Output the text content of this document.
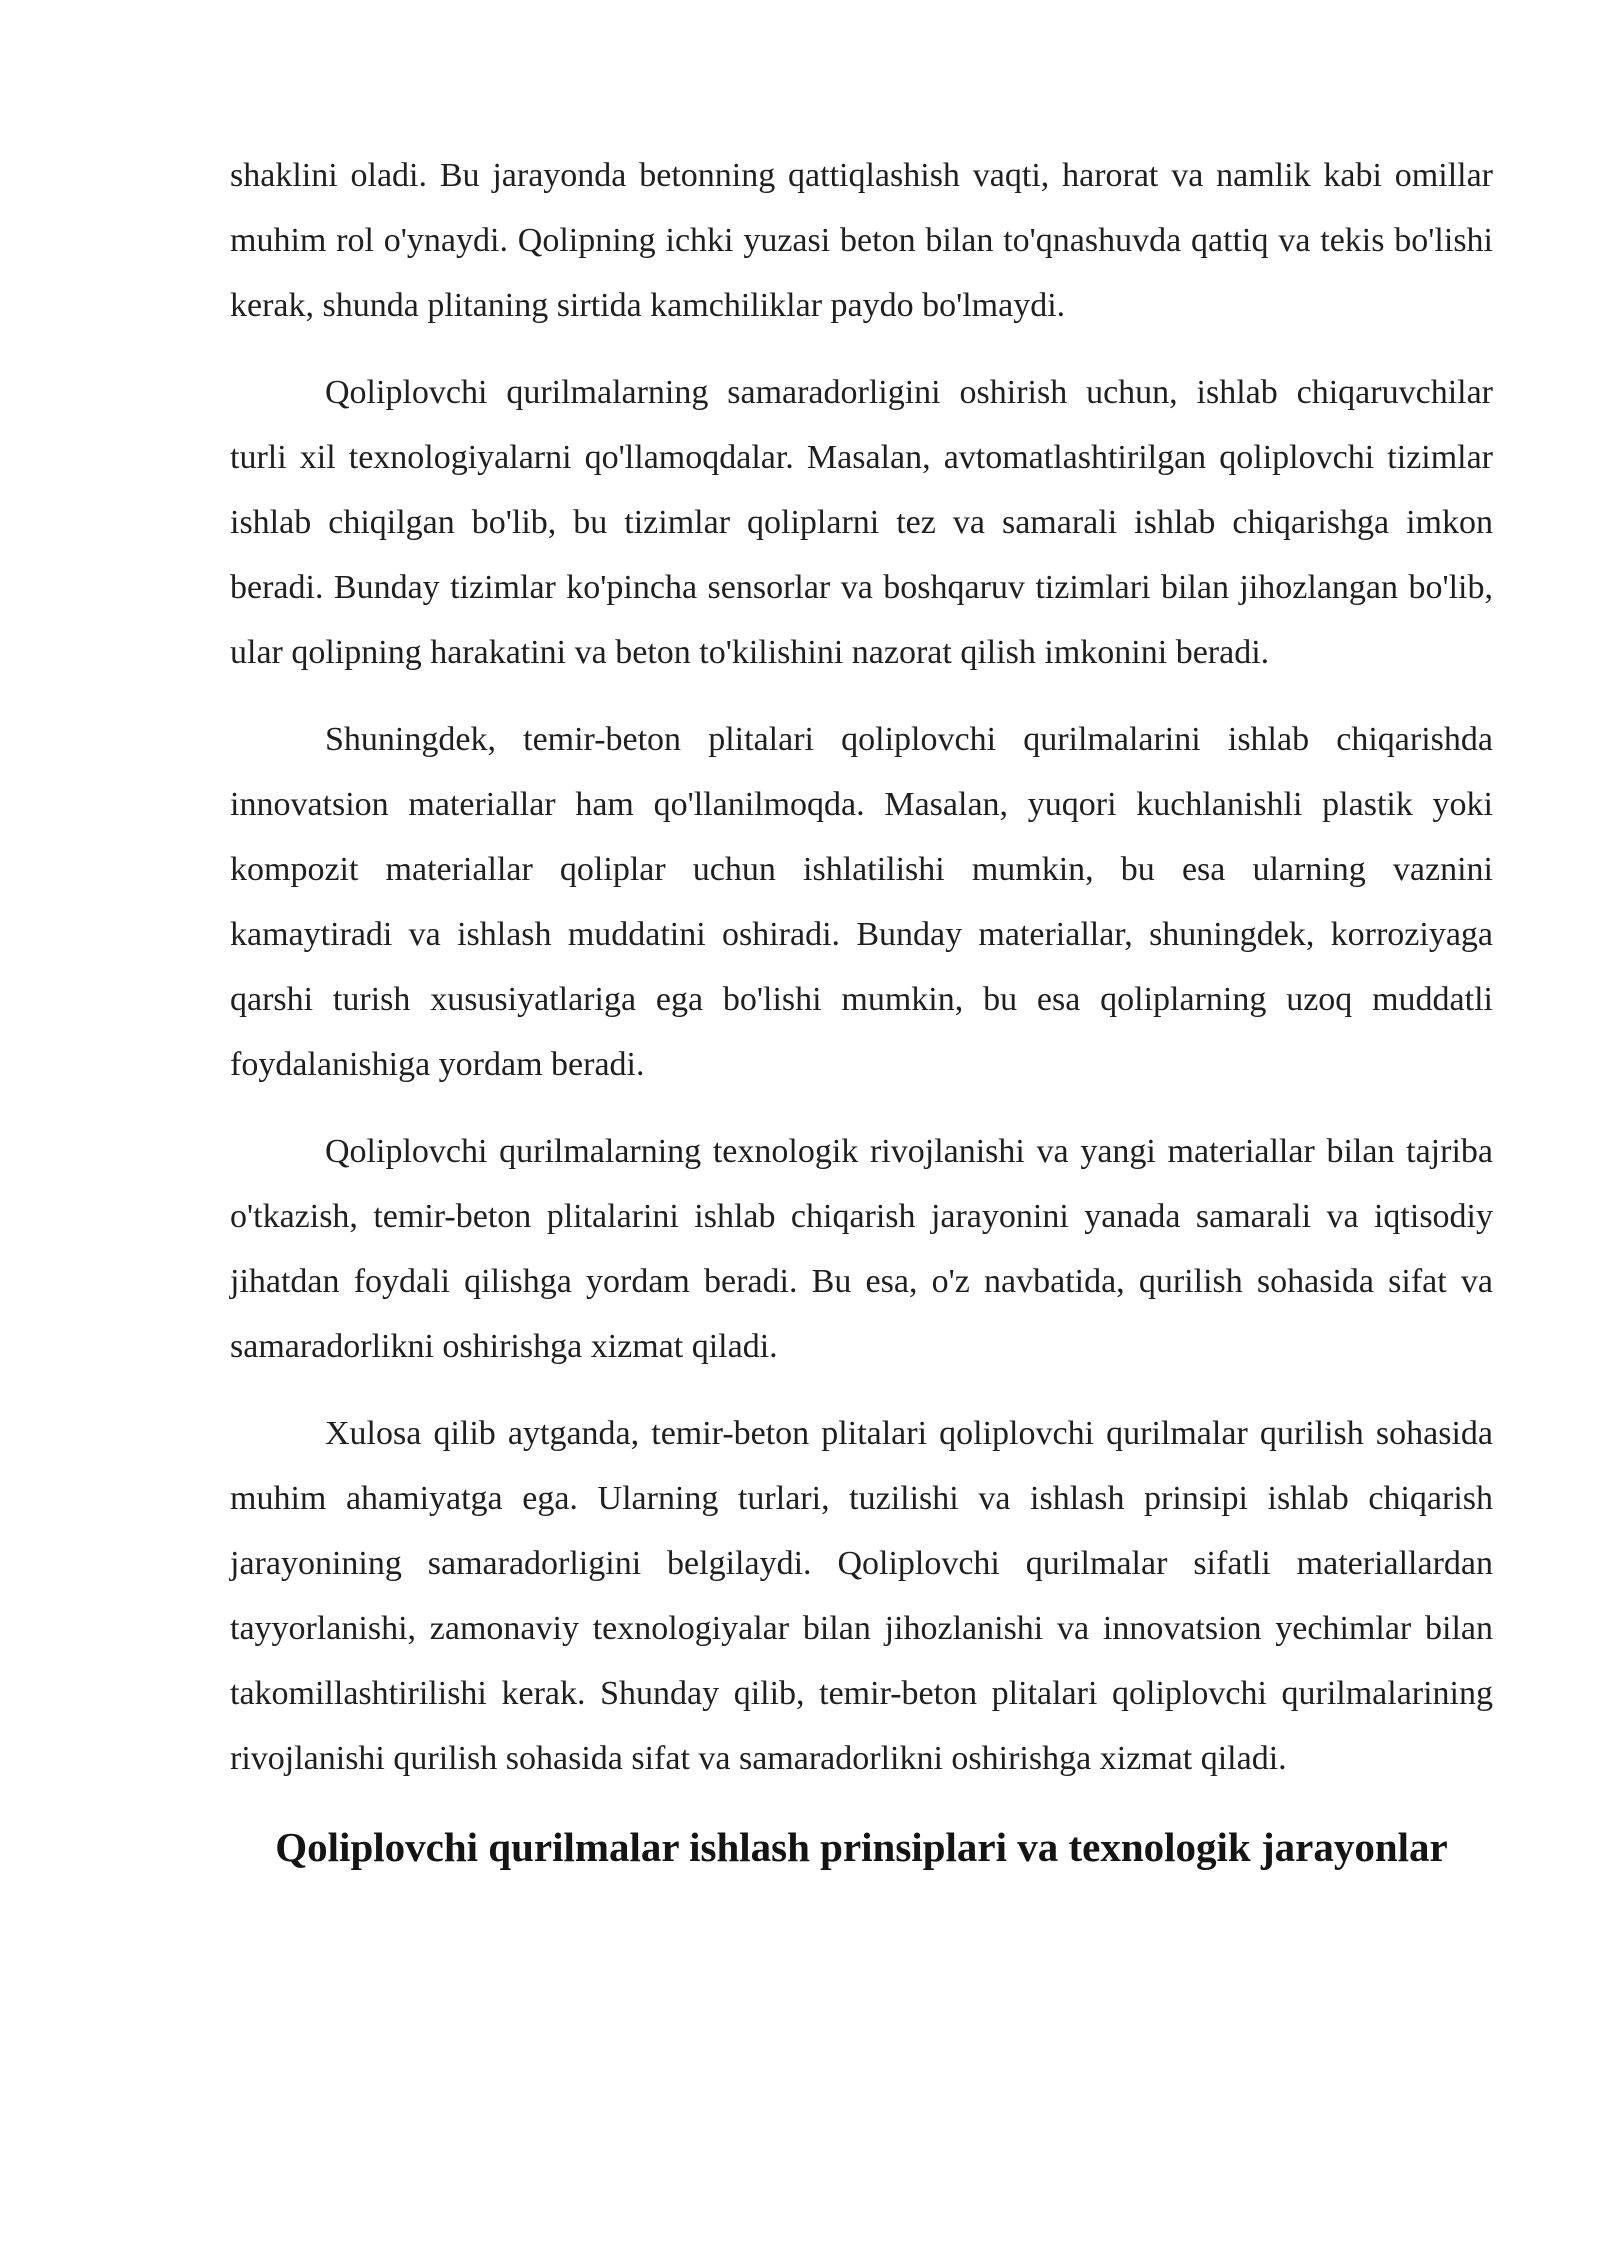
shaklini oladi. Bu jarayonda betonning qattiqlashish vaqti, harorat va namlik kabi omillar muhim rol o'ynaydi. Qolipning ichki yuzasi beton bilan to'qnashuvda qattiq va tekis bo'lishi kerak, shunda plitaning sirtida kamchiliklar paydo bo'lmaydi.

Qoliplovchi qurilmalarning samaradorligini oshirish uchun, ishlab chiqaruvchilar turli xil texnologiyalarni qo'llamoqdalar. Masalan, avtomatlashtirilgan qoliplovchi tizimlar ishlab chiqilgan bo'lib, bu tizimlar qoliplarni tez va samarali ishlab chiqarishga imkon beradi. Bunday tizimlar ko'pincha sensorlar va boshqaruv tizimlari bilan jihozlangan bo'lib, ular qolipning harakatini va beton to'kilishini nazorat qilish imkonini beradi.

Shuningdek, temir-beton plitalari qoliplovchi qurilmalarini ishlab chiqarishda innovatsion materiallar ham qo'llanilmoqda. Masalan, yuqori kuchlanishli plastik yoki kompozit materiallar qoliplar uchun ishlatilishi mumkin, bu esa ularning vaznini kamaytiradi va ishlash muddatini oshiradi. Bunday materiallar, shuningdek, korroziyaga qarshi turish xususiyatlariga ega bo'lishi mumkin, bu esa qoliplarning uzoq muddatli foydalanishiga yordam beradi.

Qoliplovchi qurilmalarning texnologik rivojlanishi va yangi materiallar bilan tajriba o'tkazish, temir-beton plitalarini ishlab chiqarish jarayonini yanada samarali va iqtisodiy jihatdan foydali qilishga yordam beradi. Bu esa, o'z navbatida, qurilish sohasida sifat va samaradorlikni oshirishga xizmat qiladi.

Xulosa qilib aytganda, temir-beton plitalari qoliplovchi qurilmalar qurilish sohasida muhim ahamiyatga ega. Ularning turlari, tuzilishi va ishlash prinsipi ishlab chiqarish jarayonining samaradorligini belgilaydi. Qoliplovchi qurilmalar sifatli materiallardan tayyorlanishi, zamonaviy texnologiyalar bilan jihozlanishi va innovatsion yechimlar bilan takomillashtirilishi kerak. Shunday qilib, temir-beton plitalari qoliplovchi qurilmalarining rivojlanishi qurilish sohasida sifat va samaradorlikni oshirishga xizmat qiladi.

Qoliplovchi qurilmalar ishlash prinsiplari va texnologik jarayonlar
